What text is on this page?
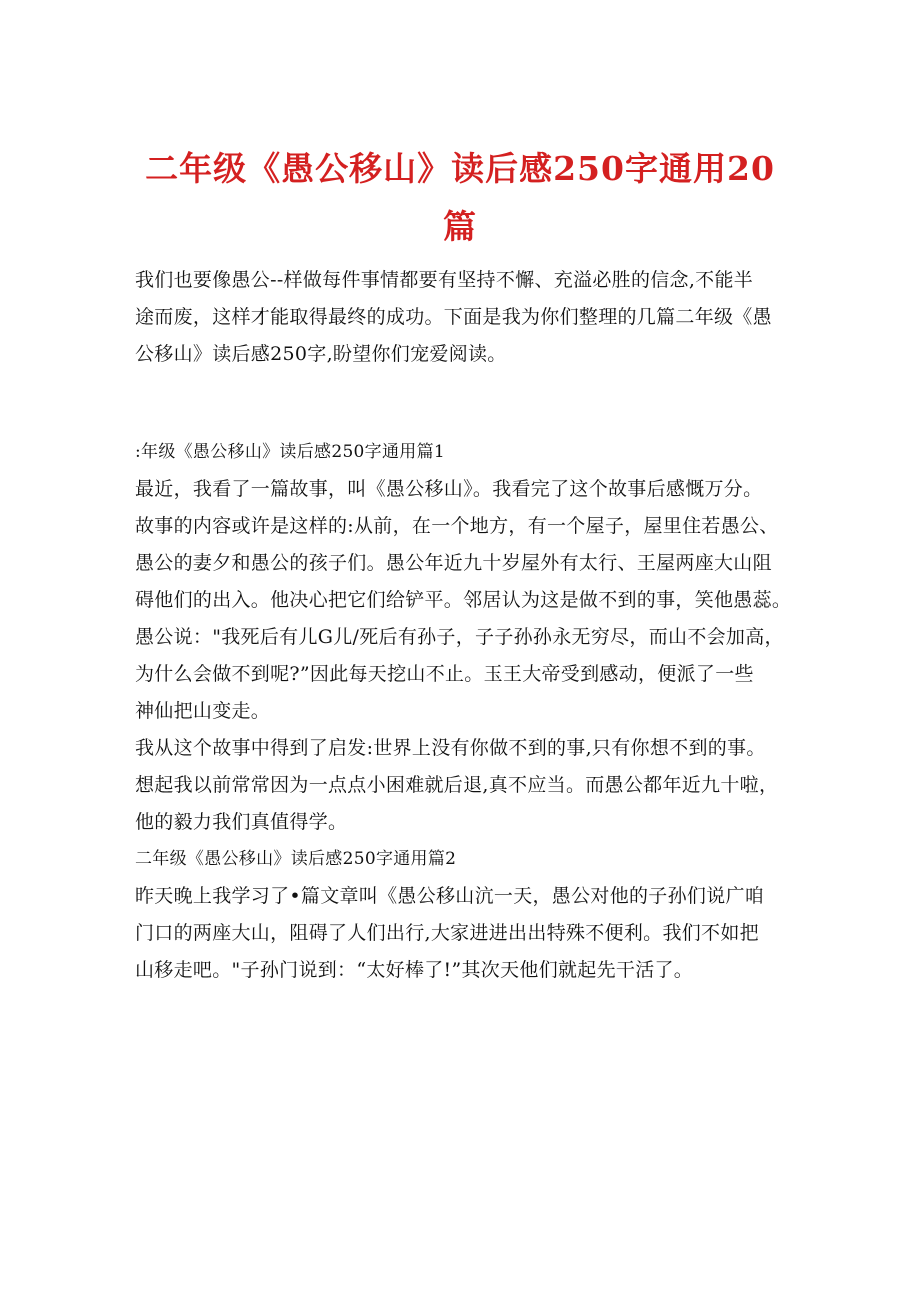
二年级《愚公移山》读后感250字通用20
篇
我们也要像愚公--样做每件事情都要有坚持不懈、充溢必胜的信念,不能半
途而废，这样才能取得最终的成功。下面是我为你们整理的几篇二年级《愚
公移山》读后感250字,盼望你们宠爱阅读。
:年级《愚公移山》读后感250字通用篇1
最近，我看了一篇故事，叫《愚公移山》。我看完了这个故事后感慨万分。
故事的内容或许是这样的:从前，在一个地方，有一个屋子，屋里住若愚公、
愚公的妻夕和愚公的孩子们。愚公年近九十岁屋外有太行、王屋两座大山阻
碍他们的出入。他决心把它们给铲平。邻居认为这是做不到的事，笑他愚蕊。
愚公说："我死后有儿G儿/死后有孙子，子子孙孙永无穷尽，而山不会加高，
为什么会做不到呢?”因此每天挖山不止。玉王大帝受到感动，便派了一些
神仙把山变走。
我从这个故事中得到了启发:世界上没有你做不到的事,只有你想不到的事。
想起我以前常常因为一点点小困难就后退,真不应当。而愚公都年近九十啦，
他的毅力我们真值得学。
二年级《愚公移山》读后感250字通用篇2
昨天晚上我学习了•篇文章叫《愚公移山沆一天，愚公对他的子孙们说广咱
门口的两座大山，阻碍了人们出行,大家进进出出特殊不便利。我们不如把
山移走吧。"子孙门说到：“太好棒了!”其次天他们就起先干活了。
